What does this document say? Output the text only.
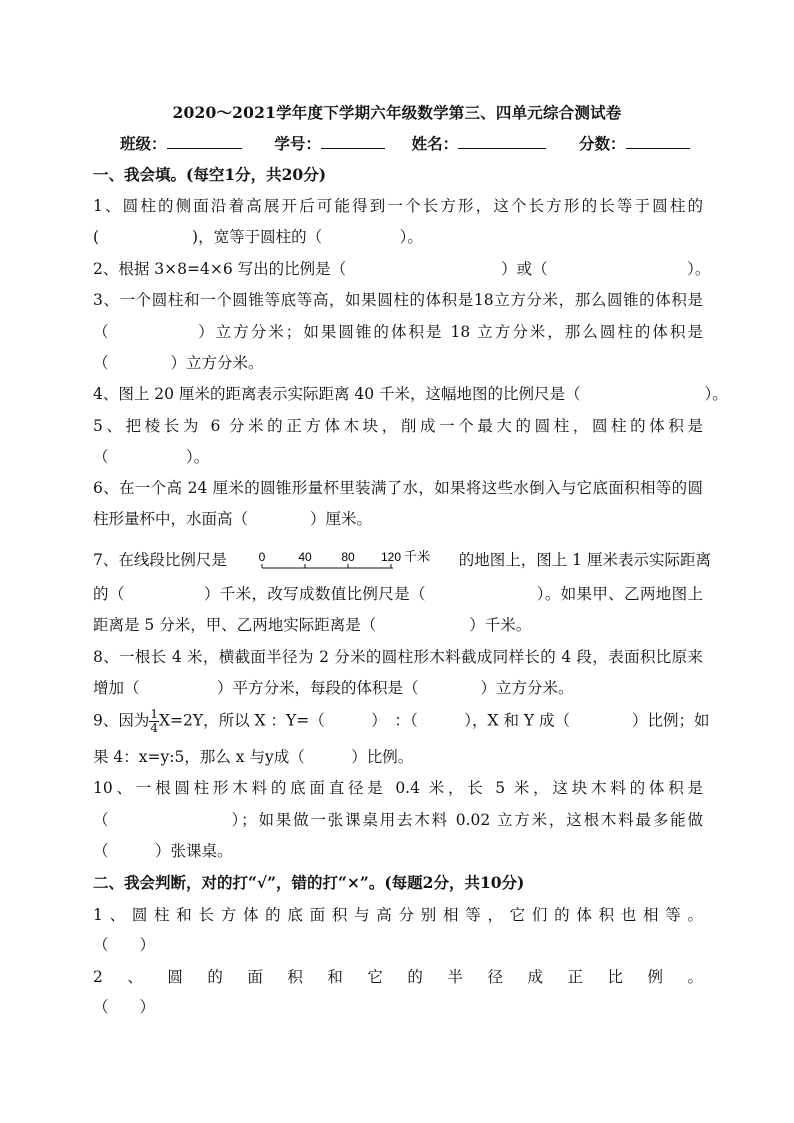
2020～2021学年度下学期六年级数学第三、四单元综合测试卷
班级：	学号：	姓名：	分数：
一、我会填。(每空1分，共20分)
1、圆柱的侧面沿着高展开后可能得到一个长方形，这个长方形的长等于圆柱的
(　　　　　　)，宽等于圆柱的（　　　　　）。
2、根据 3×8=4×6 写出的比例是（　　　　　　　　　　）或（　　　　　　　　　）。
3、一个圆柱和一个圆锥等底等高，如果圆柱的体积是18立方分米，那么圆锥的体积是
（　　　　　）立方分米；如果圆锥的体积是 18 立方分米，那么圆柱的体积是
（　　　　）立方分米。
4、图上 20 厘米的距离表示实际距离 40 千米，这幅地图的比例尺是（　　　　　　　　）。
5、把棱长为 6 分米的正方体木块，削成一个最大的圆柱，圆柱的体积是
（　　　　　）。
6、在一个高 24 厘米的圆锥形量杯里装满了水，如果将这些水倒入与它底面积相等的圆
柱形量杯中，水面高（　　　　）厘米。
7、在线段比例尺是	0	40 80 120 千米 的地图上，图上 1 厘米表示实际距离
的（　　　　　）千米，改写成数值比例尺是（　　　　　　　）。如果甲、乙两地图上
距离是 5 分米，甲、乙两地实际距离是（　　　　　　）千米。
8、一根长 4 米，横截面半径为 2 分米的圆柱形木料截成同样长的 4 段，表面积比原来
增加（　　　　　）平方分米，每段的体积是（　　　　）立方分米。
9、因为 $\frac{1}{4} X=2Y$，所以 X ：Y=（　　　）　：（　　　），X 和 Y 成（　　　　）比例；如
果 4：x=y:5，那么 x 与y成（　　　）比例。
10、一根圆柱形木料的底面直径是 0.4 米，长 5 米，这块木料的体积是
（　　　　　　　）；如果做一张课桌用去木料 0.02 立方米，这根木料最多能做
（　　　）张课桌。
二、我会判断，对的打“√”，错的打“×”。(每题2分，共10分)
1、圆柱和长方体的底面积与高分别相等，它们的体积也相等。
（　　）
2、圆的面积和它的半径成正比例。
（　　）
